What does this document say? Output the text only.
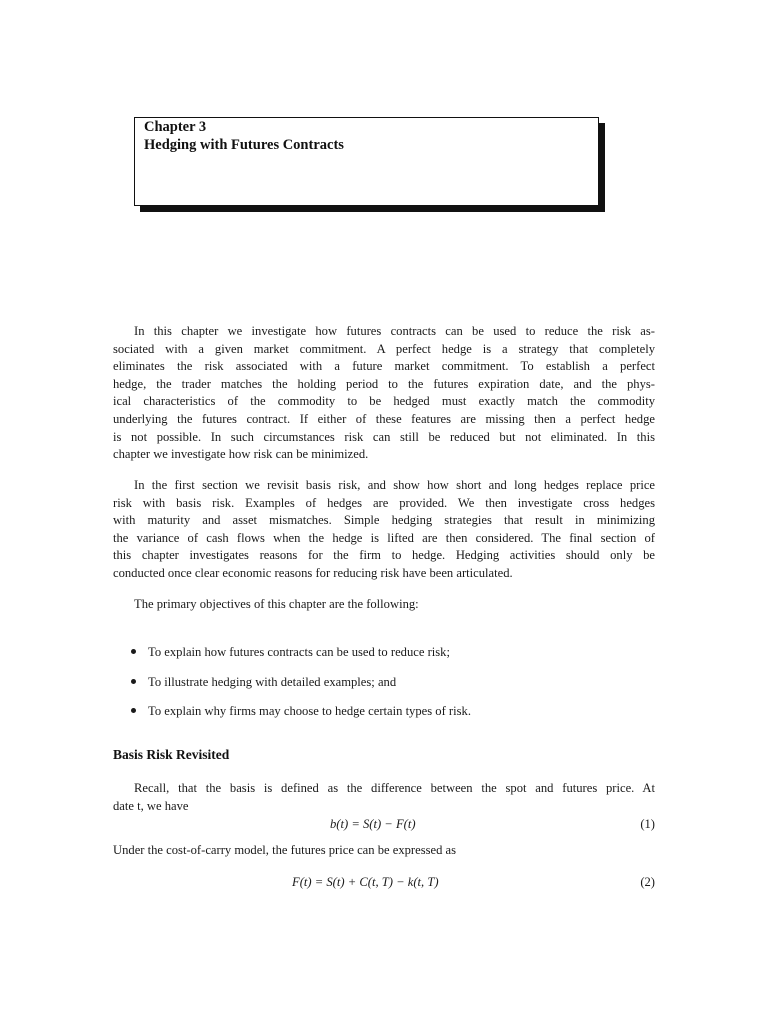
Chapter 3
Hedging with Futures Contracts

In this chapter we investigate how futures contracts can be used to reduce the risk as-
sociated with a given market commitment. A perfect hedge is a strategy that completely
eliminates the risk associated with a future market commitment. To establish a perfect
hedge, the trader matches the holding period to the futures expiration date, and the phys-
ical characteristics of the commodity to be hedged must exactly match the commodity
underlying the futures contract. If either of these features are missing then a perfect hedge
is not possible. In such circumstances risk can still be reduced but not eliminated. In this
chapter we investigate how risk can be minimized.

In the first section we revisit basis risk, and show how short and long hedges replace price
risk with basis risk. Examples of hedges are provided. We then investigate cross hedges
with maturity and asset mismatches. Simple hedging strategies that result in minimizing
the variance of cash flows when the hedge is lifted are then considered. The final section of
this chapter investigates reasons for the firm to hedge. Hedging activities should only be
conducted once clear economic reasons for reducing risk have been articulated.

The primary objectives of this chapter are the following:

To explain how futures contracts can be used to reduce risk;
To illustrate hedging with detailed examples; and
To explain why firms may choose to hedge certain types of risk.
Basis Risk Revisited

Recall, that the basis is defined as the difference between the spot and futures price. At
date t, we have

b(t) = S(t) − F(t)	(1)

Under the cost-of-carry model, the futures price can be expressed as

F(t) = S(t) + C(t, T) − k(t, T)	(2)
